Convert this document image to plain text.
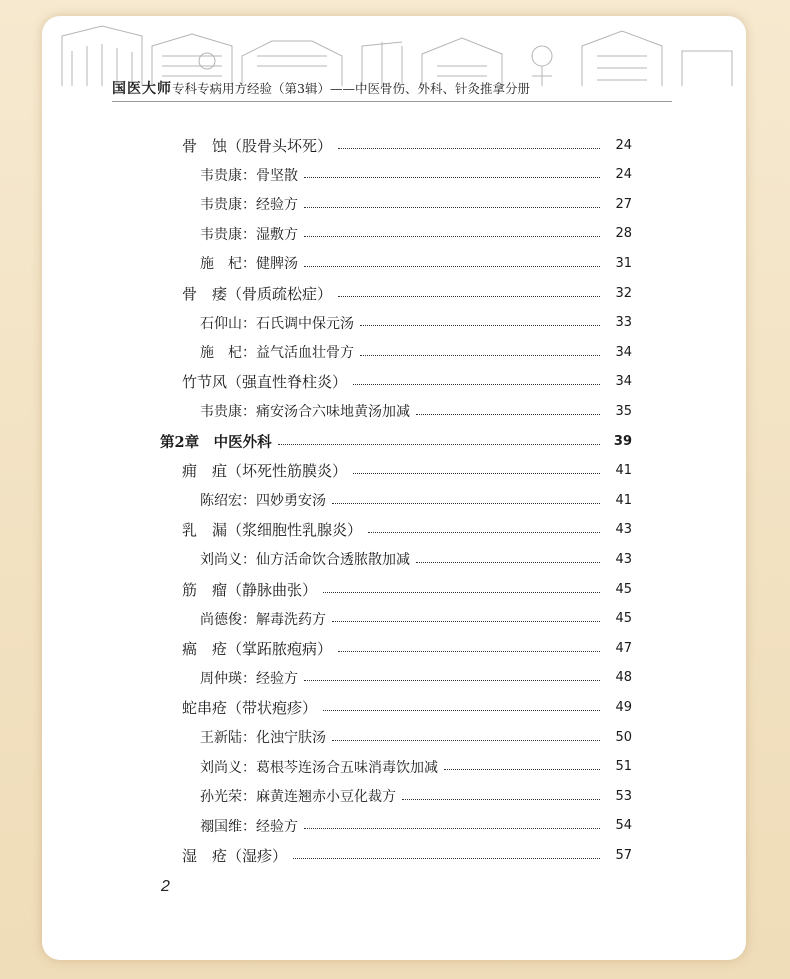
国医大师专科专病用方经验（第3辑）——中医骨伤、外科、针灸推拿分册
骨　蚀（股骨头坏死）	24
韦贵康：骨坚散	24
韦贵康：经验方	27
韦贵康：湿敷方	28
施　杞：健脾汤	31
骨　痿（骨质疏松症）	32
石仰山：石氏调中保元汤	33
施　杞：益气活血壮骨方	34
竹节风（强直性脊柱炎）	34
韦贵康：痛安汤合六味地黄汤加减	35
第2章　中医外科	39
痈　疽（坏死性筋膜炎）	41
陈绍宏：四妙勇安汤	41
乳　漏（浆细胞性乳腺炎）	43
刘尚义：仙方活命饮合透脓散加减	43
筋　瘤（静脉曲张）	45
尚德俊：解毒洗药方	45
瘑　疮（掌跖脓疱病）	47
周仲瑛：经验方	48
蛇串疮（带状疱疹）	49
王新陆：化浊宁肤汤	50
刘尚义：葛根芩连汤合五味消毒饮加减	51
孙光荣：麻黄连翘赤小豆化裁方	53
禤国维：经验方	54
湿　疮（湿疹）	57
2
